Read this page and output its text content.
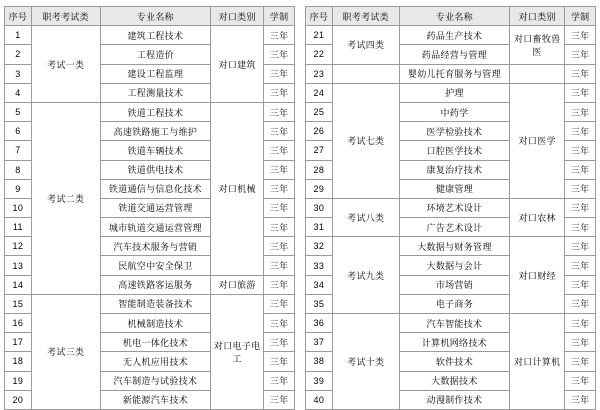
序号	职考考试类	专业名称	对口类别	学制
1	考试一类	建筑工程技术	对口建筑	三年
2		工程造价		三年
3		建设工程监理		三年
4		工程测量技术		三年
5	考试二类	铁道工程技术	对口机械	三年
6		高速铁路施工与维护		三年
7		铁道车辆技术		三年
8		铁道供电技术		三年
9		铁道通信与信息化技术		三年
10		铁道交通运营管理		三年
11		城市轨道交通运营管理		三年
12		汽车技术服务与营销		三年
13		民航空中安全保卫		三年
14		高速铁路客运服务	对口旅游	三年
15	考试三类	智能制造装备技术	对口电子电工	三年
16		机械制造技术		三年
17		机电一体化技术		三年
18		无人机应用技术		三年
19		汽车制造与试验技术		三年
20		新能源汽车技术		三年
序号	职考考试类	专业名称	对口类别	学制
21	考试四类	药品生产技术	对口畜牧兽医	三年
22		药品经营与管理		三年
23		婴幼儿托育服务与管理		三年
24	考试七类	护理	对口医学	三年
25		中药学		三年
26		医学检验技术		三年
27		口腔医学技术		三年
28		康复治疗技术		三年
29		健康管理		三年
30	考试八类	环境艺术设计	对口农林	三年
31		广告艺术设计		三年
32	考试九类	大数据与财务管理	对口财经	三年
33		大数据与会计		三年
34		市场营销		三年
35		电子商务		三年
36	考试十类	汽车智能技术	对口计算机	三年
37		计算机网络技术		三年
38		软件技术		三年
39		大数据技术		三年
40		动漫制作技术		三年
